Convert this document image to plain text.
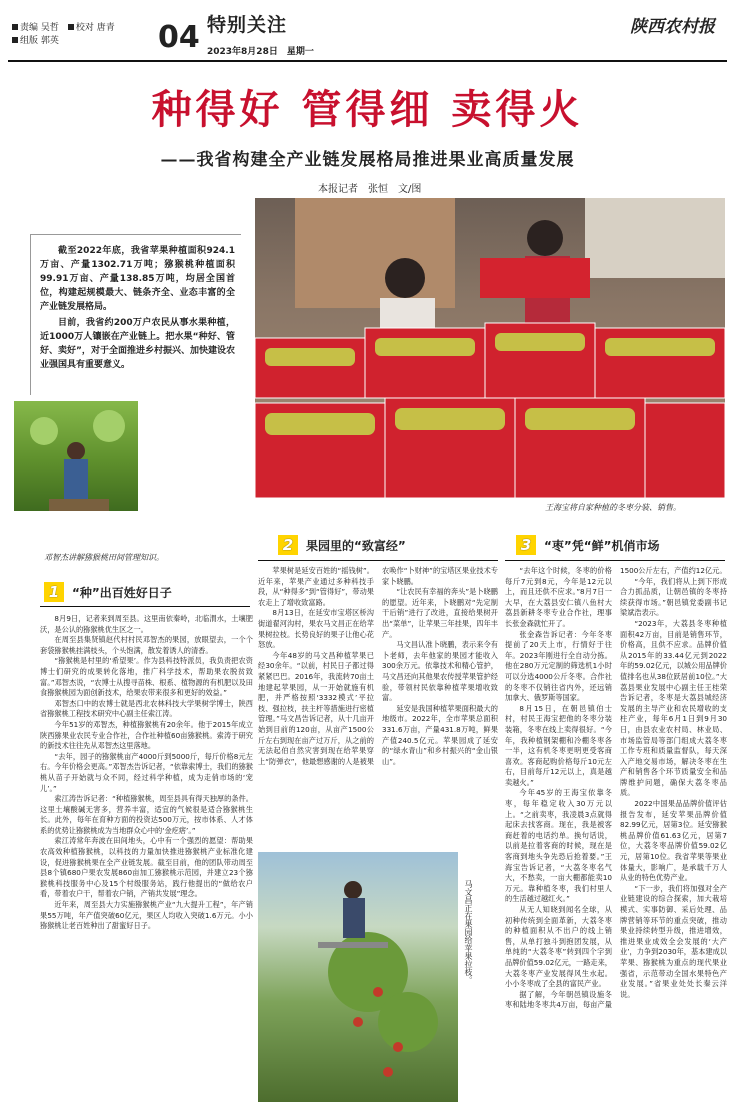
责编 吴哲　 校对 唐青
组版 郭英	04 特别关注
2023年8月28日　星期一
陕西农村报
种得好 管得细 卖得火
——我省构建全产业链发展格局推进果业高质量发展
本报记者　张恒　文/图

截至2022年底，我省苹果种植面积924.1万亩、产量1302.71万吨；猕猴桃种植面积99.91万亩、产量138.85万吨，均居全国首位，构建起规模最大、链条齐全、业态丰富的全产业链发展格局。

目前，我省约200万户农民从事水果种植，近1000万人镶嵌在产业链上。把水果“种好、管好、卖好”，对于全面推进乡村振兴、加快建设农业强国具有重要意义。

王海宝将自家种植的冬枣分装、销售。
邓智杰讲解猕猴桃田间管理知识。
1 “种”出百姓好日子

8月9日，记者来到周至县。这里南依秦岭，北临渭水，土壤肥沃，是公认的猕猴桃优生区之一。

在周至县集贤镇赵代村村民邓智杰的果园，放眼望去，一个个套袋猕猴桃挂满枝头，个头饱满，散发着诱人的清香。

“猕猴桃是村里的‘希望果’。作为县科技特派员，我负责把农资博士们研究的成果转化落地，推广科学技术，帮助果农脱贫致富。”邓智杰说，“农博士从搜寻苗株、根系、植物源的有机肥以及田食猕猴桃园为面创新技术，给果农带来很多和更好的效益。”

邓智杰口中的农博士就是西北农林科技大学果树学博士，陕西省猕猴桃工程技术研究中心副主任索江涛。

今年51岁的邓智杰，种植猕猴桃有20余年。他于2015年成立陕西猕果业农民专业合作社，合作社种植60亩猕猴桃。索涛于研究的新技术往往先从邓智杰这里落地。

“去年，园子的猕猴桃亩产4000斤到5000斤，每斤价格8元左右。今年价格会更高。”邓智杰告诉记者，“依靠索博士，我们的猕猴桃从苗子开始就与众不同，经过科学种植，成为走俏市场的‘宠儿’。”

索江涛告诉记者：“种植猕猴桃，周至县具有得天独厚的条件。这里土壤酸碱无害多，营养丰富，适宜的气候很是适合猕猴桃生长。此外，每年在育种方面的投资达500万元，按市体系、人才体系的优势让猕猴桃成为当地群众心中的‘金疙瘩’。”

索江涛常年奔波在田间地头，心中有一个强烈的愿望：帮助果农高效种植猕猴桃，以科技的力量加快推进猕猴桃产业标准化建设，促进猕猴桃果在全产业链发展。截至目前，他的团队带动周至县8个镇680户果农发展860亩加工猕猴桃示范园，并建立23个猕猴桃科技服务中心及15个村级服务站，践行他提出的“做给农户看，带着农户干，帮着农户销，产销共发展”理念。

近年来，周至县大力实施猕猴桃产业“九大提升工程”，年产销果55万吨，年产值突破60亿元，果区人均收入突破1.6万元。小小猕猴桃让老百姓种出了甜蜜好日子。

2 果园里的“致富经”

苹果树是延安百姓的“摇钱树”。近年来，苹果产业通过多种科技手段，从“种得多”到“管得好”，带动果农走上了增收致富路。

8月13日，在延安市宝塔区桥沟街道翟河沟村，果农马文昌正在给苹果树拉枝。长势良好的果子让他心花怒放。

今年48岁的马文昌种植苹果已经30余年。“以前，村民日子都过得紧紧巴巴。2016年，我流转70亩土地建起苹果园，从一开始就施有机肥，并严格按照‘3332模式’平拉枝、强拉枝，扶主杆等措施进行密植管理。”马文昌告诉记者，从十几亩开始到目前的120亩，从亩产1500公斤左右到现在亩产过万斤，从之前的无法起伯自然灾害到现在给苹果穿上“防弹衣”，他最想感谢的人是被果农唤作“卜财神”的宝塔区果业技术专家卜晓鹏。

“让农民有幸福的奔头”是卜晓鹏的愿望。近年来，卜晓鹏对“先定制干后销”进行了改进，直接给果树开出“菜单”，让苹果三年挂果，四年丰产。

马文昌认准卜晓鹏，表示来令有卜老师，去年他家的果园才能收入300余万元。依靠技术和精心管护，马文昌还向其他果农传授苹果管护经验，带领村民依靠种植苹果增收致富。

延安是我国种植苹果面积最大的地级市。2022年，全市苹果总面积331.6万亩，产量431.8万吨，鲜果产值240.5亿元。苹果园成了延安的“绿水青山”和乡村振兴的“金山银山”。

马文昌正在果园给苹果拉枝。
3 “枣”凭“鲜”机俏市场

“去年这个时候，冬枣的价格每斤7元到8元，今年是12元以上，而且还供不应求。”8月7日一大早，在大荔县安仁镇八鱼村大荔县新耕冬枣专业合作社，理事长张金森就忙开了。

张金森告诉记者：今年冬枣提前了20天上市，行情好于往年。2023年刚进行全自动分拣。他在280万元定制的筛选机1小时可以分选4000公斤冬枣。合作社的冬枣不仅销往省内外，还远销加拿大、俄罗斯等国家。

8月15日，在朝邑镇伯士村，村民王海宝把他的冬枣分装装箱，冬枣在线上卖得很好。“今年，我种植钢架棚和冷棚冬枣各一半，这有机冬枣更明更受客商喜欢。客商起购价格每斤10元左右，目前每斤12元以上，真是越卖越火。”

今年45岁的王海宝依靠冬枣，每年稳定收入30万元以上。“之前卖枣，我凌晨3点就得起床去找客商。现在，我是被客商赶着的电话约单。换句话说，以前是拉着客商的时候，现在是客商到地头争先恐后抢着要。”王海宝告诉记者，“大荔冬枣名气大，不愁卖，一亩大棚都能卖10万元。靠种植冬枣，我们村里人的生活越过越红火。”

从无人知晓到闻名全球，从初种传统到全面革新，大荔冬枣的种植面积从不出户的线上销售，从单打独斗到抱团发展，从单纯的“大荔冬枣”转到四个字到品牌价值59.02亿元，一路走来，大荔冬枣产业发展得风生水起。小小冬枣成了全县的富民产业。

据了解，今年朝邑镇设施冬枣和陆地冬枣共4万亩，每亩产量1500公斤左右，产值约12亿元。

“今年，我们将从上到下形成合力抓品质，让朝邑镇的冬枣持续获得市场。”朝邑镇党委副书记梁斌浩表示。

“2023年，大荔县冬枣种植面积42万亩，目前是销售环节，价格高，且供不应求。品牌价值从2015年的33.44亿元到2022年的59.02亿元，以城公用品牌价值排名也从38位跃居前10位。”大荔县果业发展中心副主任王桂荣告诉记者，冬枣是大荔县城经济发展的主导产业和农民增收的支柱产业，每年6月1日到9月30日，由县农业农村局、林业局、市场监管局等部门组成大荔冬枣工作专班和质量监督队，每天深入产地交易市场，解决冬枣在生产和销售各个环节质量安全和品牌维护问题，确保大荔冬枣品质。

2022中国果品品牌价值评估报告发布，延安苹果品牌价值82.99亿元，居第3位。延安猕猴桃品牌价值61.63亿元，居第7位，大荔冬枣品牌价值59.02亿元，居第10位。我省苹果等果业体量大，影响广，是承载千万人从业的特色优势产业。

“下一步，我们将加强对全产业链建设的综合探索，加大栽培模式、实事防御、采后处理、品牌营销等环节的重点突破，推动果业持续转型升级，推进增效，推进果业成效全会发展的‘大产业’，力争到2030年，基本建成以苹果、猕猴桃为重点的现代果业强省，示范带动全国水果特色产业发展。”省果业处处长秦云洋说。
